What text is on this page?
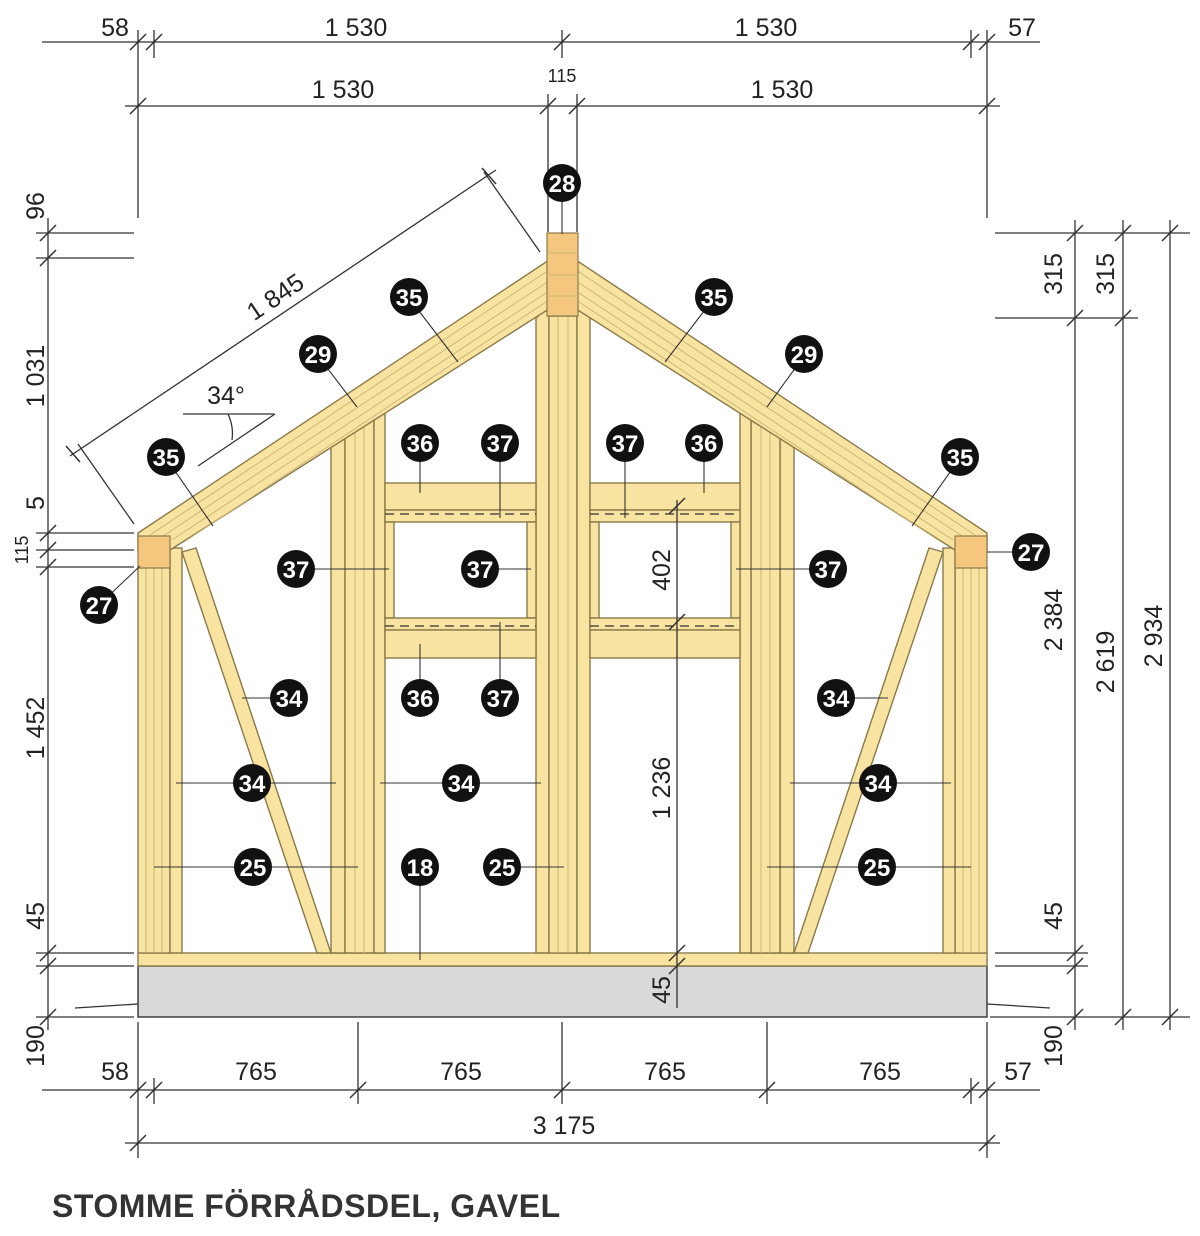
58	1 530	1 530	57
1 530	115	1 530
96
1 031
5
115
1 452
45
190
315 315
2 384
2 619 2 934
45
190
402
1 236
45
1 845
34°
58	765	765	765	765	57
3 175
28
35
29
35
29
35	35
36 37	37 36
27
27
37	37	37
37
34	34
36
34	34	34
25	18 25	25
STOMME FÖRRÅDSDEL, GAVEL
